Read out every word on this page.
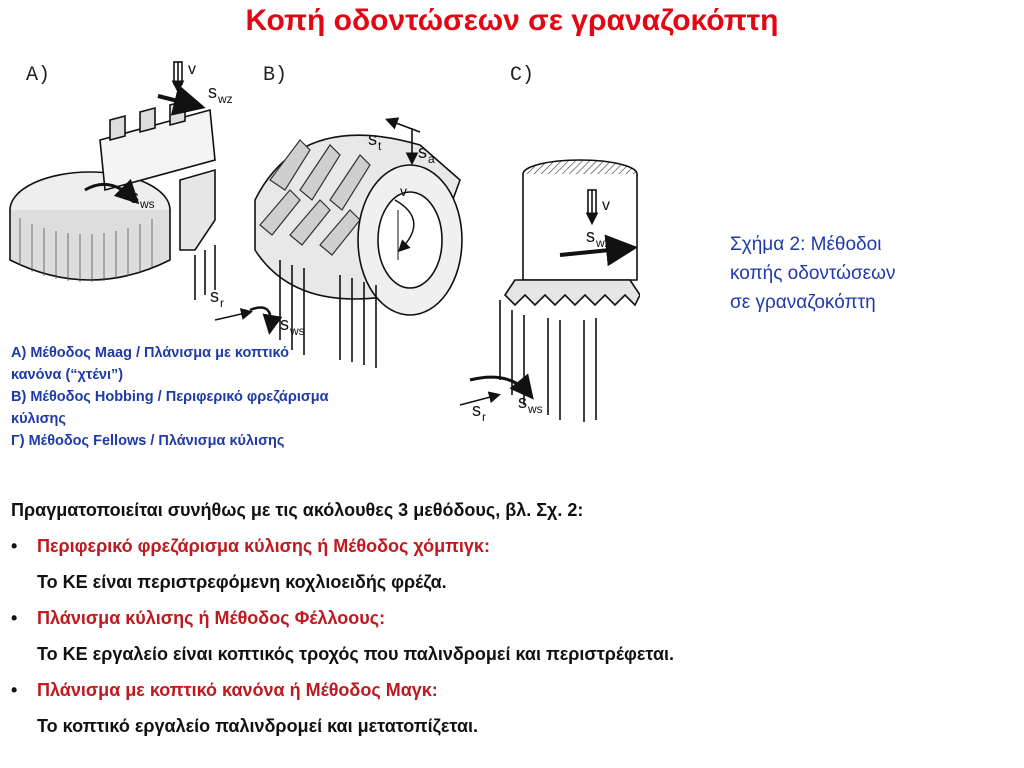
Κοπή οδοντώσεων σε γραναζοκόπτη
A)	v
s wz
s ws
B)
s t s a
v
s r
s ws
C)
v
s wz
s ws
s r
Σχήμα 2: Μέθοδοι
κοπής οδοντώσεων
σε γραναζοκόπτη
A) Μέθοδος Maag / Πλάνισμα με κοπτικό
κανόνα (“χτένι”)
B) Μέθοδος Hobbing / Περιφερικό φρεζάρισμα
κύλισης
Γ) Μέθοδος Fellows / Πλάνισμα κύλισης
Πραγματοποιείται συνήθως με τις ακόλουθες 3 μεθόδους, βλ. Σχ. 2:
•	Περιφερικό φρεζάρισμα κύλισης ή Μέθοδος χόμπιγκ:
Το ΚΕ είναι περιστρεφόμενη κοχλιοειδής φρέζα.
•	Πλάνισμα κύλισης ή Μέθοδος Φέλλοους:
Το ΚΕ εργαλείο είναι κοπτικός τροχός που παλινδρομεί και περιστρέφεται.
•	Πλάνισμα με κοπτικό κανόνα ή Μέθοδος Μαγκ:
Το κοπτικό εργαλείο παλινδρομεί και μετατοπίζεται.
